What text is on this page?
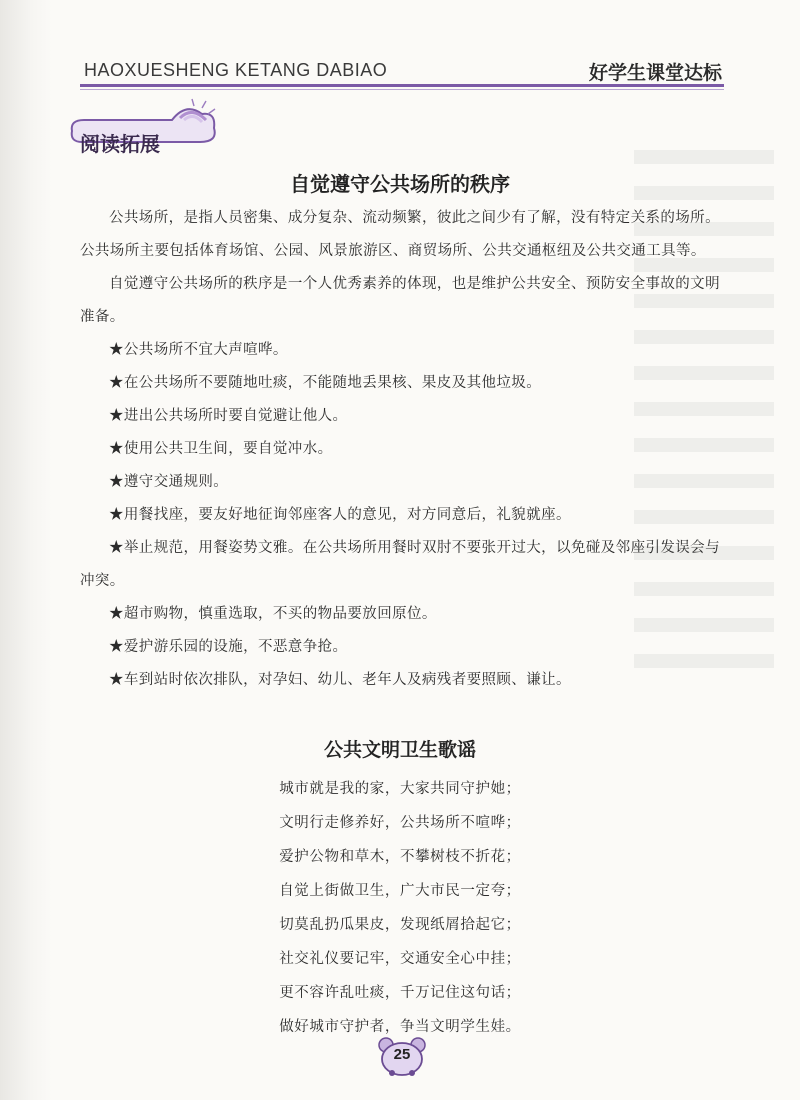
HAOXUESHENG KETANG DABIAO	好学生课堂达标
阅读拓展
自觉遵守公共场所的秩序

公共场所，是指人员密集、成分复杂、流动频繁，彼此之间少有了解，没有特定关系的场所。公共场所主要包括体育场馆、公园、风景旅游区、商贸场所、公共交通枢纽及公共交通工具等。

自觉遵守公共场所的秩序是一个人优秀素养的体现，也是维护公共安全、预防安全事故的文明准备。

★公共场所不宜大声喧哗。

★在公共场所不要随地吐痰，不能随地丢果核、果皮及其他垃圾。

★进出公共场所时要自觉避让他人。

★使用公共卫生间，要自觉冲水。

★遵守交通规则。

★用餐找座，要友好地征询邻座客人的意见，对方同意后，礼貌就座。

★举止规范，用餐姿势文雅。在公共场所用餐时双肘不要张开过大，以免碰及邻座引发误会与冲突。

★超市购物，慎重选取，不买的物品要放回原位。

★爱护游乐园的设施，不恶意争抢。

★车到站时依次排队，对孕妇、幼儿、老年人及病残者要照顾、谦让。

公共文明卫生歌谣

城市就是我的家，大家共同守护她；

文明行走修养好，公共场所不喧哗；

爱护公物和草木，不攀树枝不折花；

自觉上街做卫生，广大市民一定夸；

切莫乱扔瓜果皮，发现纸屑拾起它；

社交礼仪要记牢，交通安全心中挂；

更不容许乱吐痰，千万记住这句话；

做好城市守护者，争当文明学生娃。

25
